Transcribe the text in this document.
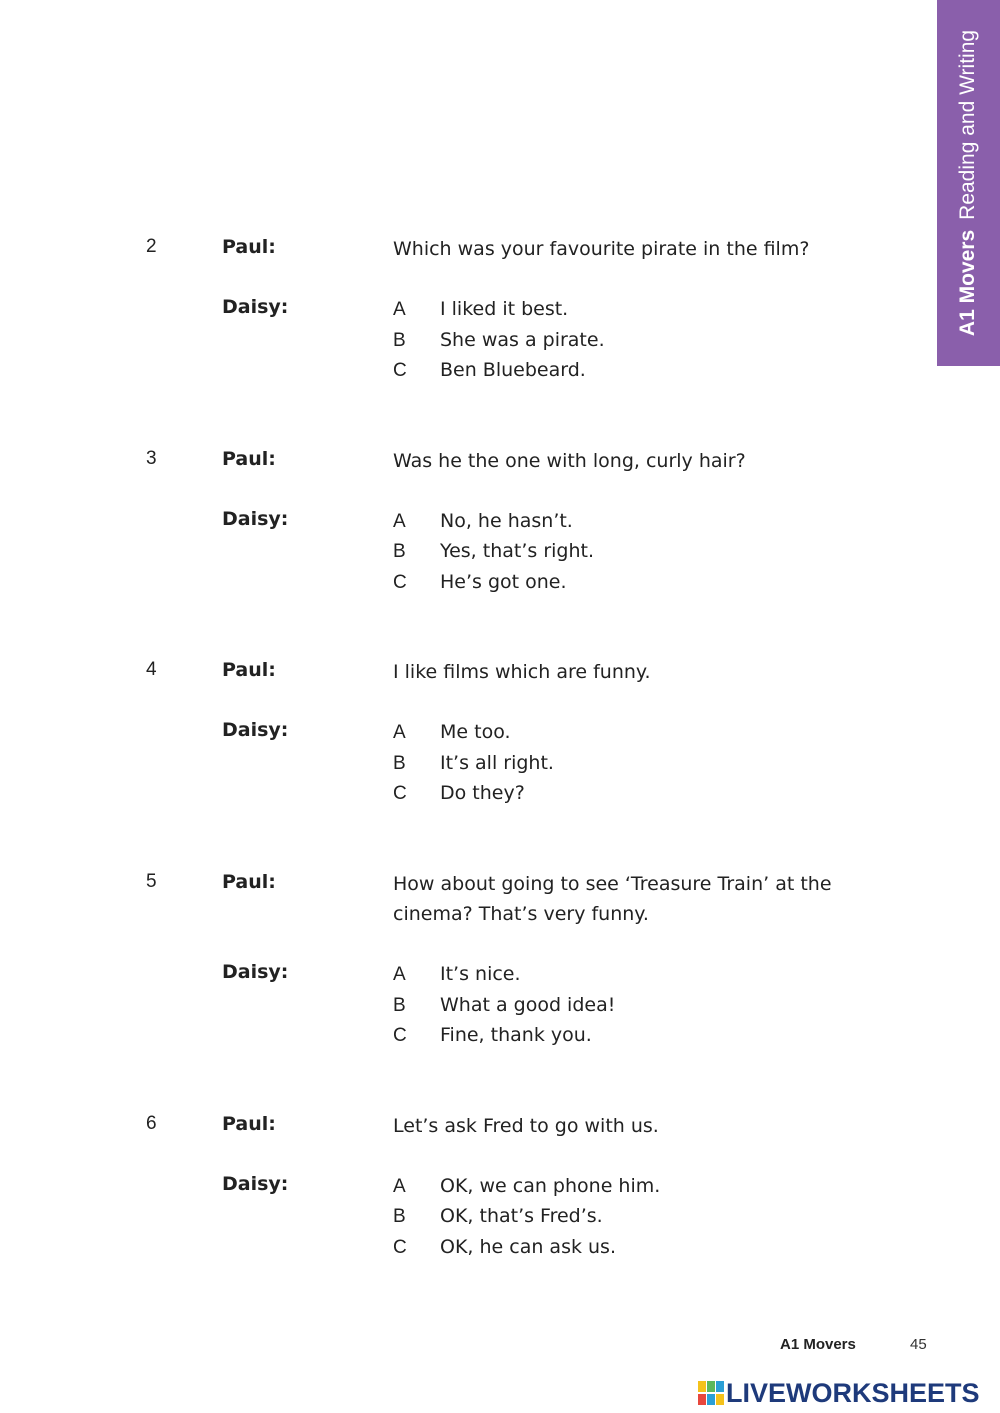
A1 MoversReading and Writing
2	Paul:	Which was your favourite pirate in the film?
Daisy:	A I liked it best.
B She was a pirate.
C Ben Bluebeard.
3	Paul:	Was he the one with long, curly hair?
Daisy:	A No, he hasn’t.
B Yes, that’s right.
C He’s got one.
4	Paul:	I like films which are funny.
Daisy:	A Me too.
B It’s all right.
C Do they?
5	Paul:	How about going to see ‘Treasure Train’ at the cinema? That’s very funny.
Daisy:	A It’s nice.
B What a good idea!
C Fine, thank you.
6	Paul:	Let’s ask Fred to go with us.
Daisy:	A OK, we can phone him.
B OK, that’s Fred’s.
C OK, he can ask us.
A1 Movers	45
LIVEWORKSHEETS
